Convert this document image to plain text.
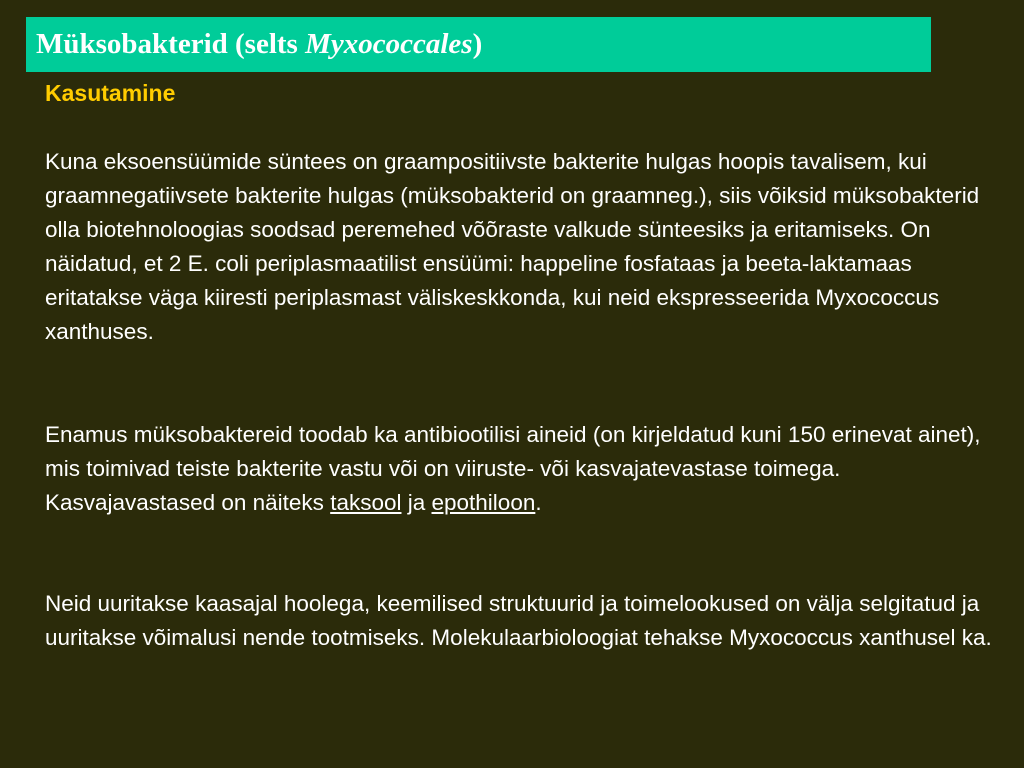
Müksobakterid (selts Myxococcales)
Kasutamine
Kuna eksoensüümide süntees on graampositiivste bakterite hulgas hoopis tavalisem, kui graamnegatiivsete bakterite hulgas (müksobakterid on graamneg.), siis võiksid müksobakterid olla biotehnoloogias soodsad peremehed võõraste valkude sünteesiks ja eritamiseks. On näidatud, et 2 E. coli periplasmaatilist ensüümi: happeline fosfataas ja beeta-laktamaas eritatakse väga kiiresti periplasmast väliskeskkonda, kui neid ekspresseerida Myxococcus xanthuses.
Enamus müksobaktereid toodab ka antibiootilisi aineid (on kirjeldatud kuni 150 erinevat ainet), mis toimivad teiste bakterite vastu või on viiruste- või kasvajatevastase toimega. Kasvajavastased on näiteks taksool ja epothiloon.
Neid uuritakse kaasajal hoolega, keemilised struktuurid ja toimelookused on välja selgitatud ja uuritakse võimalusi nende tootmiseks. Molekulaarbioloogiat tehakse Myxococcus xanthusel ka.
